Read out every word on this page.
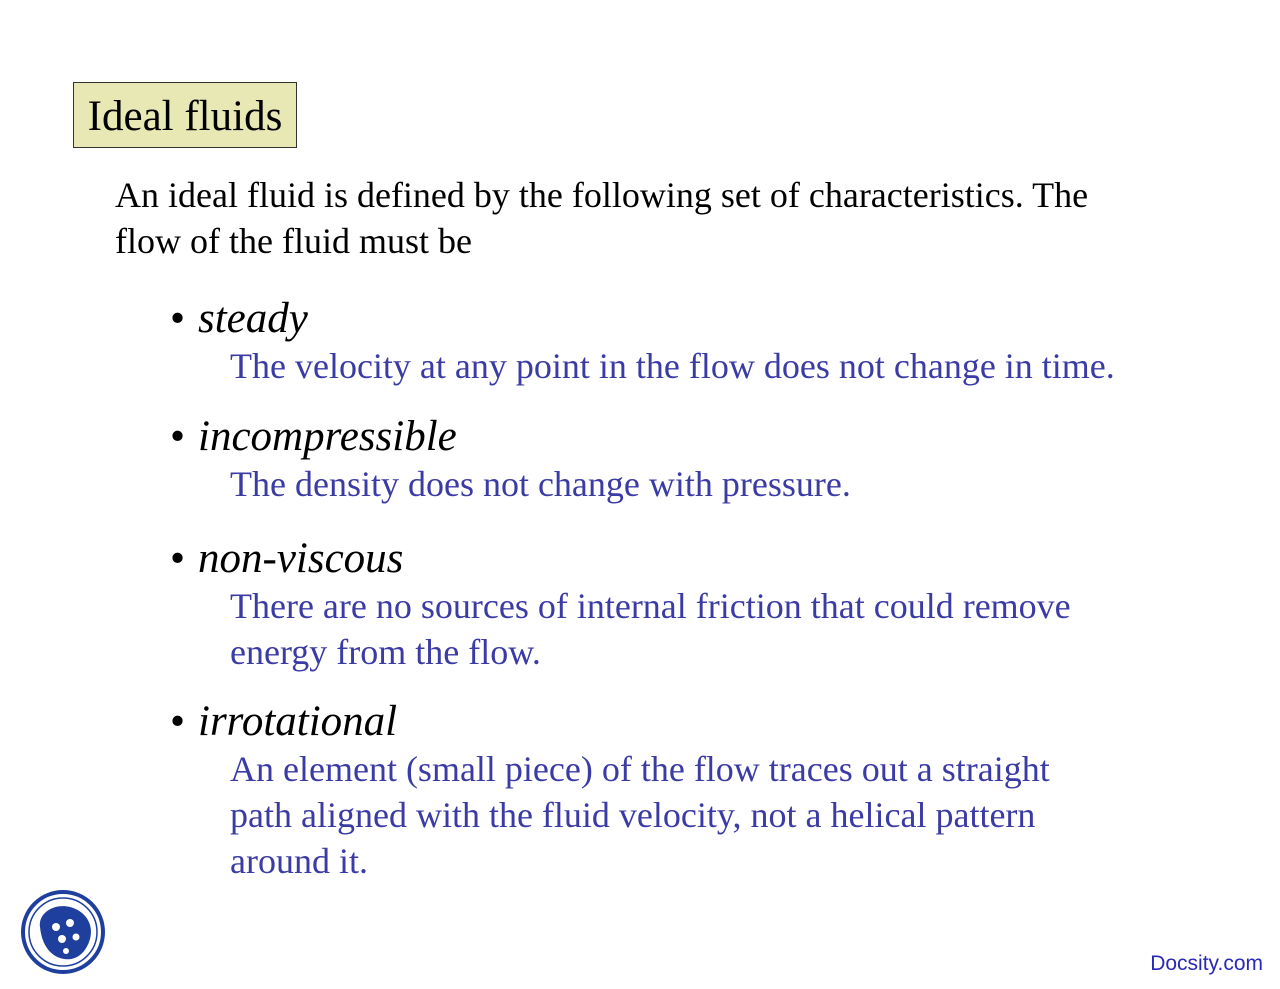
Ideal fluids

An ideal fluid is defined by the following set of characteristics. The
flow of the fluid must be

• steady
The velocity at any point in the flow does not change in time.
• incompressible
The density does not change with pressure.
• non-viscous
There are no sources of internal friction that could remove
energy from the flow.
• irrotational
An element (small piece) of the flow traces out a straight
path aligned with the fluid velocity, not a helical pattern
around it.
Docsity.com
